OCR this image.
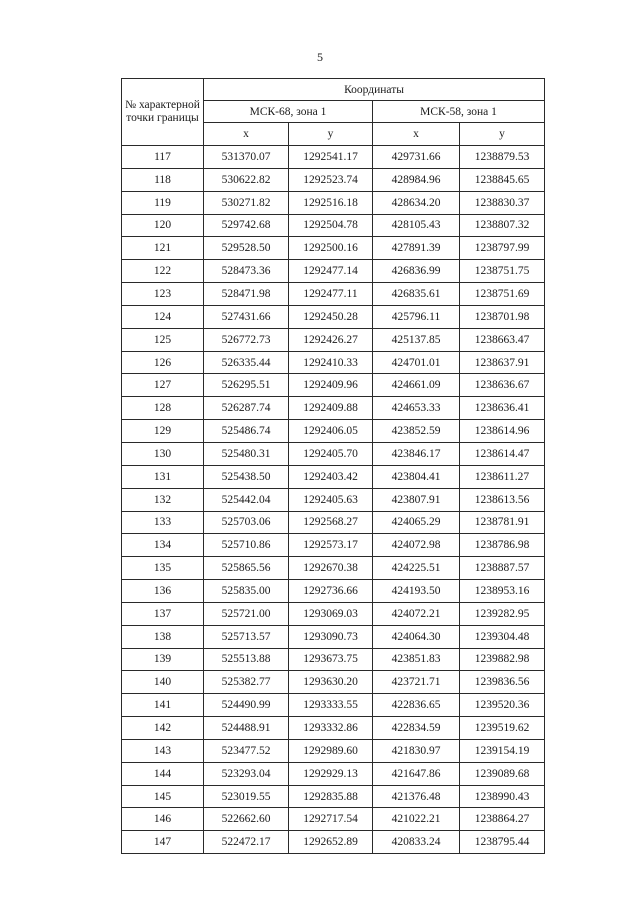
5
№ характерной точки границы	Координаты			
	МСК-68, зона 1		МСК-58, зона 1	
	x	y	x	y
117	531370.07	1292541.17	429731.66	1238879.53
118	530622.82	1292523.74	428984.96	1238845.65
119	530271.82	1292516.18	428634.20	1238830.37
120	529742.68	1292504.78	428105.43	1238807.32
121	529528.50	1292500.16	427891.39	1238797.99
122	528473.36	1292477.14	426836.99	1238751.75
123	528471.98	1292477.11	426835.61	1238751.69
124	527431.66	1292450.28	425796.11	1238701.98
125	526772.73	1292426.27	425137.85	1238663.47
126	526335.44	1292410.33	424701.01	1238637.91
127	526295.51	1292409.96	424661.09	1238636.67
128	526287.74	1292409.88	424653.33	1238636.41
129	525486.74	1292406.05	423852.59	1238614.96
130	525480.31	1292405.70	423846.17	1238614.47
131	525438.50	1292403.42	423804.41	1238611.27
132	525442.04	1292405.63	423807.91	1238613.56
133	525703.06	1292568.27	424065.29	1238781.91
134	525710.86	1292573.17	424072.98	1238786.98
135	525865.56	1292670.38	424225.51	1238887.57
136	525835.00	1292736.66	424193.50	1238953.16
137	525721.00	1293069.03	424072.21	1239282.95
138	525713.57	1293090.73	424064.30	1239304.48
139	525513.88	1293673.75	423851.83	1239882.98
140	525382.77	1293630.20	423721.71	1239836.56
141	524490.99	1293333.55	422836.65	1239520.36
142	524488.91	1293332.86	422834.59	1239519.62
143	523477.52	1292989.60	421830.97	1239154.19
144	523293.04	1292929.13	421647.86	1239089.68
145	523019.55	1292835.88	421376.48	1238990.43
146	522662.60	1292717.54	421022.21	1238864.27
147	522472.17	1292652.89	420833.24	1238795.44
